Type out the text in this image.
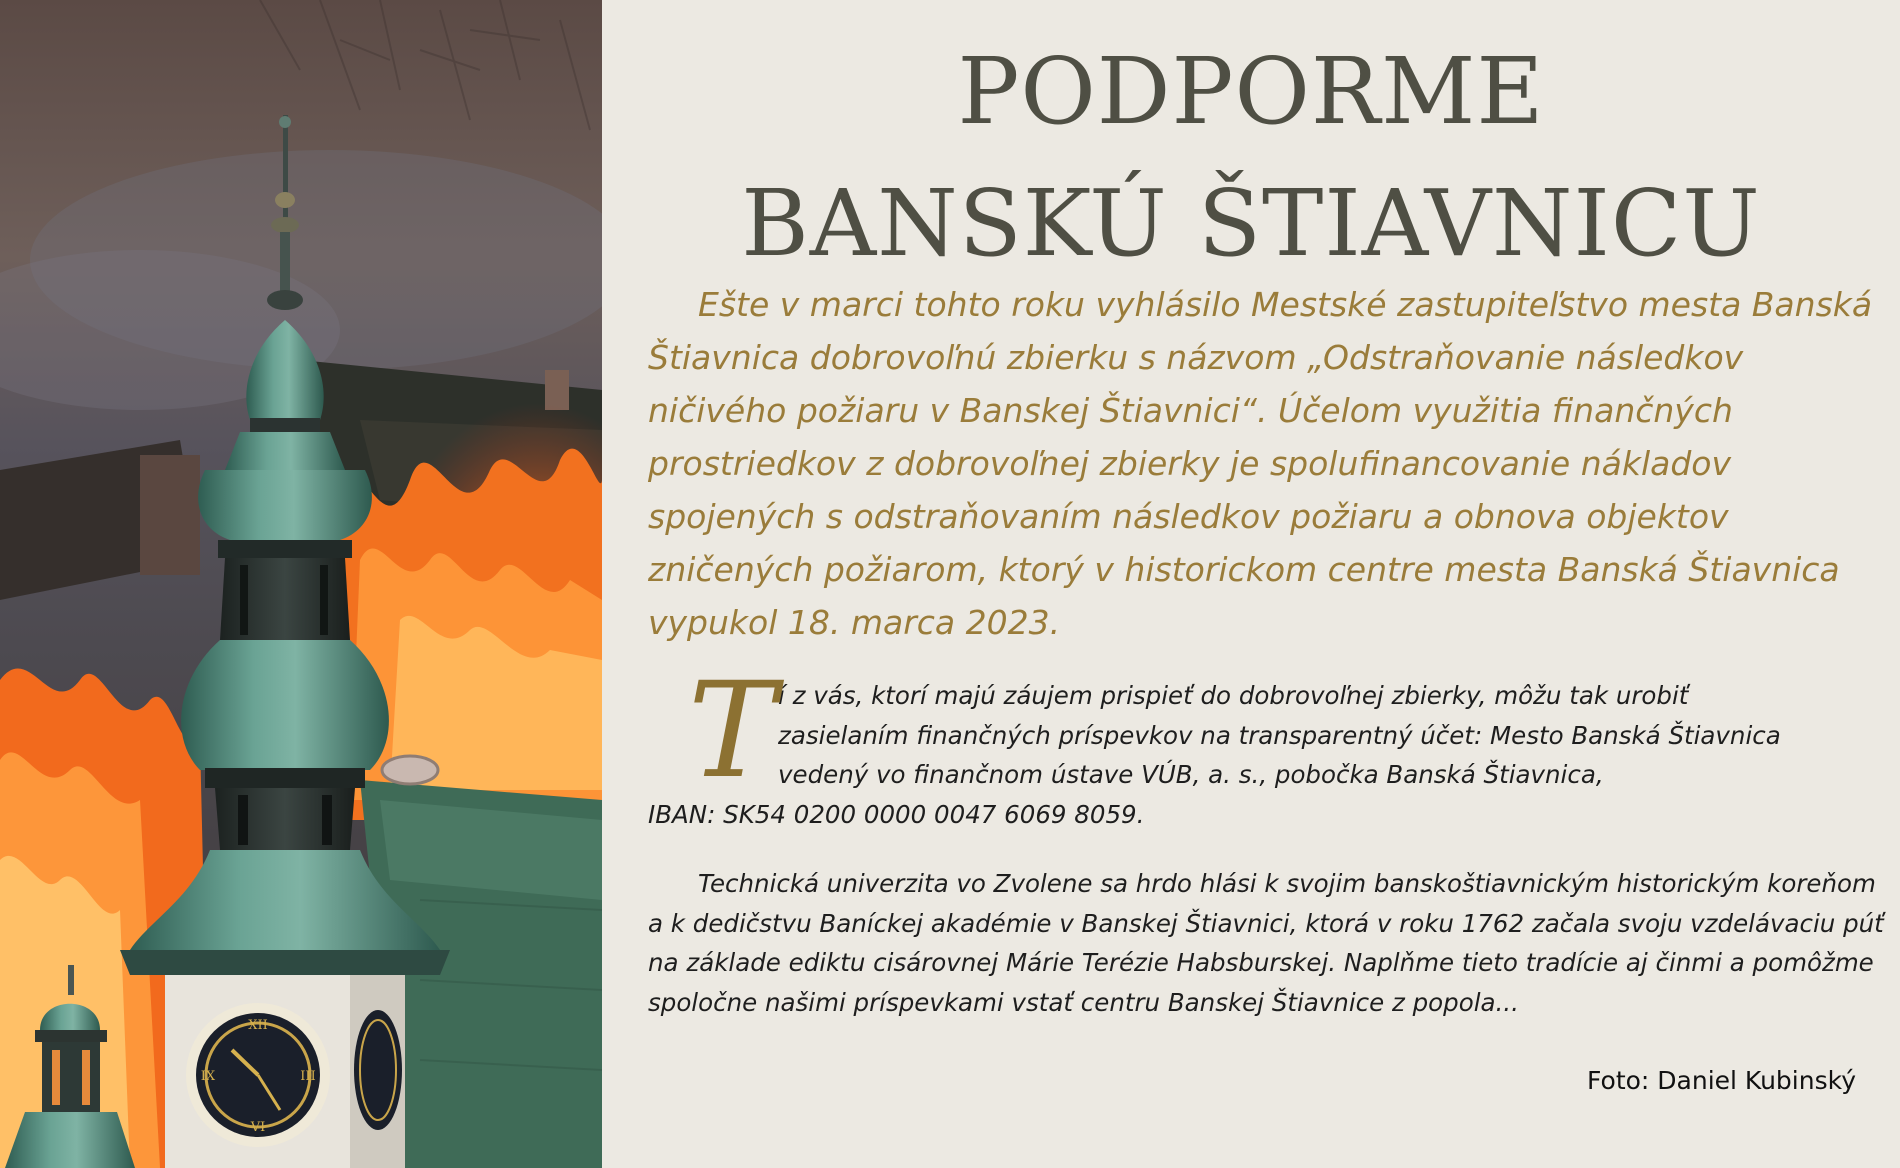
XII
VI
IX	III
PODPORME
BANSKÚ ŠTIAVNICU

Ešte v marci tohto roku vyhlásilo Mestské zastupiteľstvo mesta Banská Štiavnica dobrovoľnú zbierku s názvom „Odstraňovanie následkov ničivého požiaru v Banskej Štiavnici“. Účelom využitia finančných prostriedkov z dobrovoľnej zbierky je spolufinancovanie nákladov spojených s odstraňovaním následkov požiaru a obnova objektov zničených požiarom, ktorý v historickom centre mesta Banská Štiavnica vypukol 18. marca 2023.

T í z vás, ktorí majú záujem prispieť do dobrovoľnej zbierky, môžu tak urobiť
zasielaním finančných príspevkov na transparentný účet: Mesto Banská Štiavnica
vedený vo finančnom ústave VÚB, a. s., pobočka Banská Štiavnica,
IBAN: SK54 0200 0000 0047 6069 8059.

Technická univerzita vo Zvolene sa hrdo hlási k svojim banskoštiavnickým historickým koreňom a k dedičstvu Baníckej akadémie v Banskej Štiavnici, ktorá v roku 1762 začala svoju vzdelávaciu púť na základe ediktu cisárovnej Márie Terézie Habsburskej. Naplňme tieto tradície aj činmi a pomôžme spoločne našimi príspevkami vstať centru Banskej Štiavnice z popola...

Foto: Daniel Kubinský
